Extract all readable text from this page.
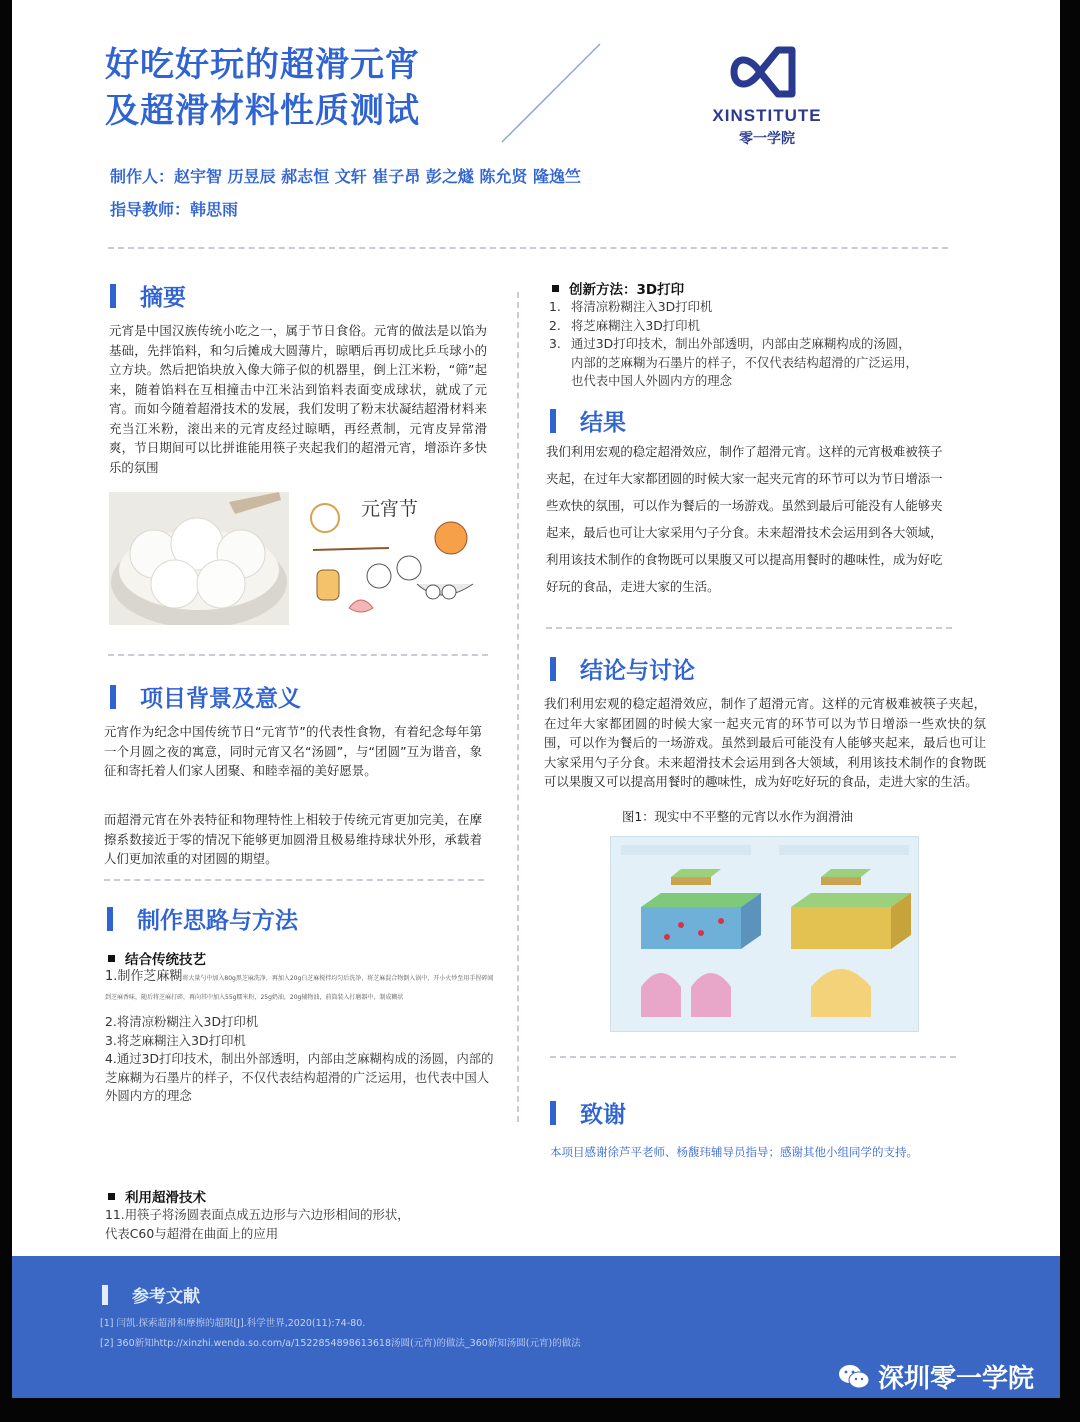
好吃好玩的超滑元宵
及超滑材料性质测试	XINSTITUTE
零一学院
制作人：赵宇智 历昱辰 郝志恒 文轩 崔子昂 彭之燧 陈允贤 隆逸竺
指导教师：韩思雨
摘要
元宵是中国汉族传统小吃之一，属于节日食俗。元宵的做法是以馅为基础，先拌馅料，和匀后摊成大圆薄片，晾晒后再切成比乒乓球小的立方块。然后把馅块放入像大筛子似的机器里，倒上江米粉，“筛”起来，随着馅料在互相撞击中江米沾到馅料表面变成球状，就成了元宵。而如今随着超滑技术的发展，我们发明了粉末状凝结超滑材料来充当江米粉，滚出来的元宵皮经过晾晒，再经煮制，元宵皮异常滑爽，节日期间可以比拼谁能用筷子夹起我们的超滑元宵，增添许多快乐的氛围
元宵节
项目背景及意义
元宵作为纪念中国传统节日“元宵节”的代表性食物，有着纪念每年第一个月圆之夜的寓意，同时元宵又名“汤圆”，与“团圆”互为谐音，象征和寄托着人们家人团聚、和睦幸福的美好愿景。
而超滑元宵在外表特征和物理特性上相较于传统元宵更加完美，在摩擦系数接近于零的情况下能够更加圆滑且极易维持球状外形，承载着人们更加浓重的对团圆的期望。
制作思路与方法
结合传统技艺
1.制作芝麻糊将大量勺中加入80g黑芝麻洗净，再加入20g白芝麻搅拌均匀后洗净，将芝麻混合物倒入锅中，开小火炒至用手捏碎闻到芝麻香味，随后将芝麻打碎，再向其中加入55g糯米粉，25g奶油，20g辅物油，前筒装入打磨器中，制成糊状
2.将清凉粉糊注入3D打印机
3.将芝麻糊注入3D打印机
4.通过3D打印技术，制出外部透明，内部由芝麻糊构成的汤圆，内部的芝麻糊为石墨片的样子，不仅代表结构超滑的广泛运用，也代表中国人外圆内方的理念
利用超滑技术
11.用筷子将汤圆表面点成五边形与六边形相间的形状，
代表C60与超滑在曲面上的应用
创新方法：3D打印
1. 将清凉粉糊注入3D打印机
2. 将芝麻糊注入3D打印机
3. 通过3D打印技术，制出外部透明，内部由芝麻糊构成的汤圆，内部的芝麻糊为石墨片的样子，不仅代表结构超滑的广泛运用，也代表中国人外圆内方的理念
结果
我们利用宏观的稳定超滑效应，制作了超滑元宵。这样的元宵极难被筷子夹起，在过年大家都团圆的时候大家一起夹元宵的环节可以为节日增添一些欢快的氛围，可以作为餐后的一场游戏。虽然到最后可能没有人能够夹起来，最后也可让大家采用勺子分食。未来超滑技术会运用到各大领域，利用该技术制作的食物既可以果腹又可以提高用餐时的趣味性，成为好吃好玩的食品，走进大家的生活。
结论与讨论
我们利用宏观的稳定超滑效应，制作了超滑元宵。这样的元宵极难被筷子夹起，在过年大家都团圆的时候大家一起夹元宵的环节可以为节日增添一些欢快的氛围，可以作为餐后的一场游戏。虽然到最后可能没有人能够夹起来，最后也可让大家采用勺子分食。未来超滑技术会运用到各大领域，利用该技术制作的食物既可以果腹又可以提高用餐时的趣味性，成为好吃好玩的食品，走进大家的生活。
图1：现实中不平整的元宵以水作为润滑油
致谢
本项目感谢徐芦平老师、杨馥玮辅导员指导；感谢其他小组同学的支持。
参考文献
[1] 闫凯.探索超滑和摩擦的超限[J].科学世界,2020(11):74-80.
[2] 360新知http://xinzhi.wenda.so.com/a/1522854898613618汤圆(元宵)的做法_360新知汤圆(元宵)的做法
深圳零一学院
